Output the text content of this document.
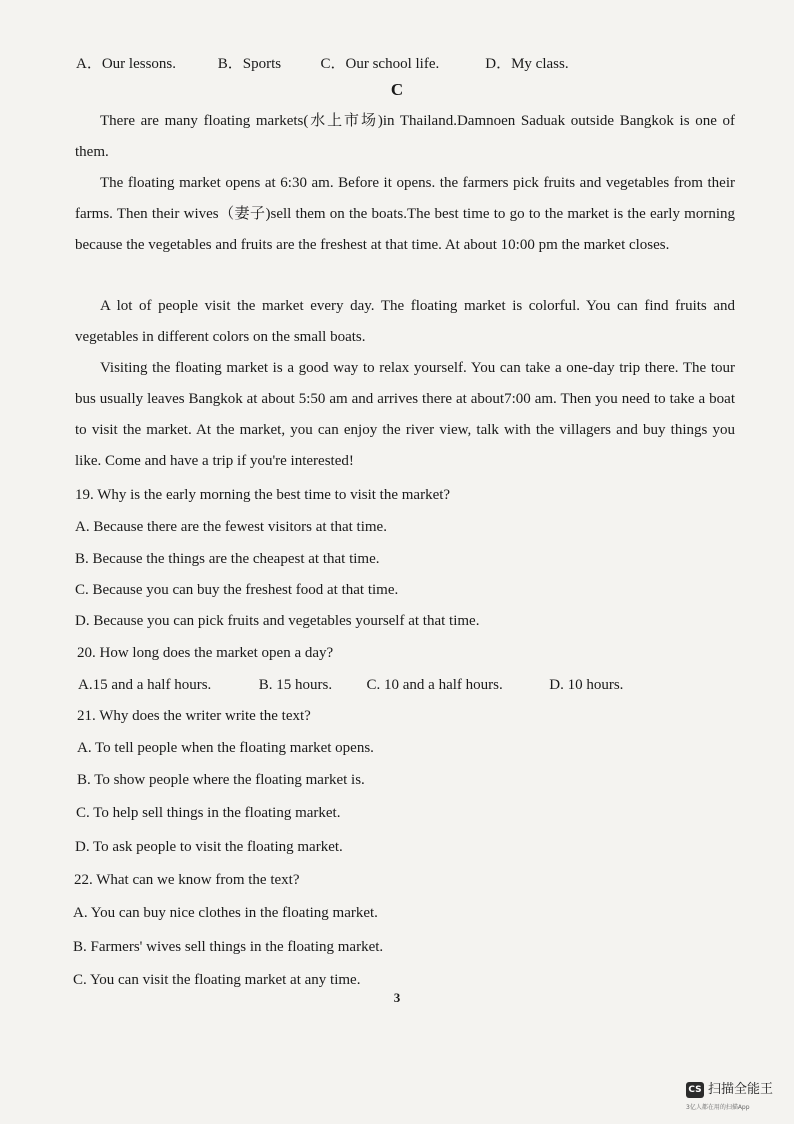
A．Our lessons.	B．Sports	C．Our school life.	D．My class.
C
There are many floating markets(水上市场)in Thailand.Damnoen Saduak outside Bangkok is one of them.
The floating market opens at 6:30 am. Before it opens. the farmers pick fruits and vegetables from their farms. Then their wives（妻子)sell them on the boats.The best time to go to the market is the early morning because the vegetables and fruits are the freshest at that time. At about 10:00 pm the market closes.
A lot of people visit the market every day. The floating market is colorful. You can find fruits and vegetables in different colors on the small boats.
Visiting the floating market is a good way to relax yourself. You can take a one-day trip there. The tour bus usually leaves Bangkok at about 5:50 am and arrives there at about7:00 am. Then you need to take a boat to visit the market. At the market, you can enjoy the river view, talk with the villagers and buy things you like. Come and have a trip if you're interested!
19. Why is the early morning the best time to visit the market?
A. Because there are the fewest visitors at that time.
B. Because the things are the cheapest at that time.
C. Because you can buy the freshest food at that time.
D. Because you can pick fruits and vegetables yourself at that time.
20. How long does the market open a day?
A.15 and a half hours.	B. 15 hours. C. 10 and a half hours.	D. 10 hours.
21. Why does the writer write the text?
A. To tell people when the floating market opens.
B. To show people where the floating market is.
C. To help sell things in the floating market.
D. To ask people to visit the floating market.
22. What can we know from the text?
A. You can buy nice clothes in the floating market.
B. Farmers' wives sell things in the floating market.
C. You can visit the floating market at any time.
3
CS 扫描全能王
3亿人都在用的扫描App
